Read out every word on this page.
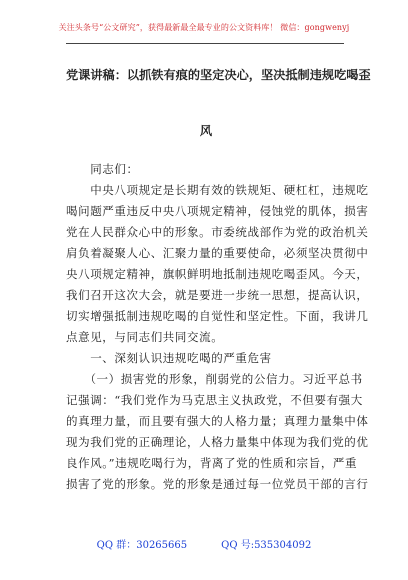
关注头条号“公文研究”，获得最新最全最专业的公文资料库！ 微信：gongwenyj
党课讲稿：以抓铁有痕的坚定决心，坚决抵制违规吃喝歪
风
　　同志们：
　　中央八项规定是长期有效的铁规矩、硬杠杠，违规吃
喝问题严重违反中央八项规定精神，侵蚀党的肌体，损害
党在人民群众心中的形象。市委统战部作为党的政治机关
肩负着凝聚人心、汇聚力量的重要使命，必须坚决贯彻中
央八项规定精神，旗帜鲜明地抵制违规吃喝歪风。今天，
我们召开这次大会，就是要进一步统一思想，提高认识，
切实增强抵制违规吃喝的自觉性和坚定性。下面，我讲几
点意见，与同志们共同交流。
　　一、深刻认识违规吃喝的严重危害
　　（一）损害党的形象，削弱党的公信力。习近平总书
记强调：“我们党作为马克思主义执政党，不但要有强大
的真理力量，而且要有强大的人格力量；真理力量集中体
现为我们党的正确理论，人格力量集中体现为我们党的优
良作风。”违规吃喝行为，背离了党的性质和宗旨，严重
损害了党的形象。党的形象是通过每一位党员干部的言行
QQ 群：30265665	QQ 号:535304092
